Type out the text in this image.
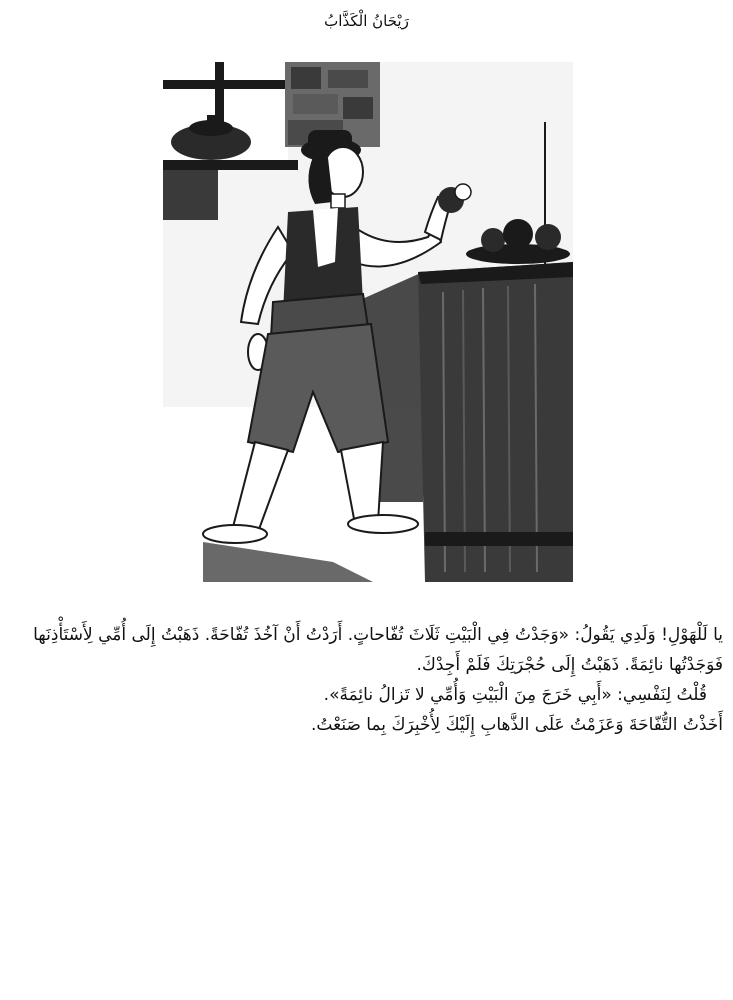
رَيْحَانُ الْكَذَّابُ

يا لَلْهَوْلِ! وَلَدِي يَقُولُ: «وَجَدْتُ فِي الْبَيْتِ ثَلَاثَ تُفّاحاتٍ. أَرَدْتُ أَنْ آخُذَ تُفّاحَةً. ذَهَبْتُ إِلَى أُمِّي لِأَسْتَأْذِنَها فَوَجَدْتُها نائِمَةً. ذَهَبْتُ إِلَى حُجْرَتِكَ فَلَمْ أَجِدْكَ.

قُلْتُ لِنَفْسِي: «أَبِي خَرَجَ مِنَ الْبَيْتِ وَأُمِّي لا تَزالُ نائِمَةً».

أَخَذْتُ التُّفّاحَةَ وَعَزَمْتُ عَلَى الذَّهابِ إِلَيْكَ لِأُخْبِرَكَ بِما صَنَعْتُ.
